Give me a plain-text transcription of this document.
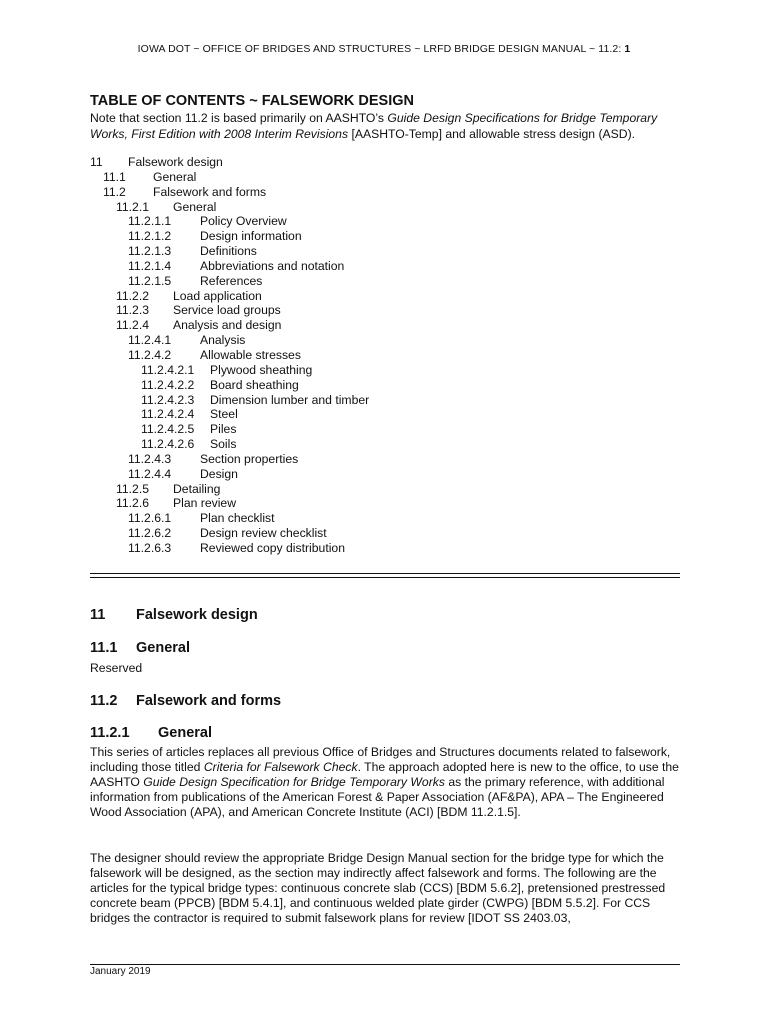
IOWA DOT ~ OFFICE OF BRIDGES AND STRUCTURES ~ LRFD BRIDGE DESIGN MANUAL ~ 11.2: 1
TABLE OF CONTENTS ~ FALSEWORK DESIGN

Note that section 11.2 is based primarily on AASHTO’s Guide Design Specifications for Bridge Temporary Works, First Edition with 2008 Interim Revisions [AASHTO-Temp] and allowable stress design (ASD).

11 Falsework design
11.1 General
11.2 Falsework and forms
11.2.1 General
11.2.1.1 Policy Overview
11.2.1.2 Design information
11.2.1.3 Definitions
11.2.1.4 Abbreviations and notation
11.2.1.5 References
11.2.2 Load application
11.2.3 Service load groups
11.2.4 Analysis and design
11.2.4.1 Analysis
11.2.4.2 Allowable stresses
11.2.4.2.1 Plywood sheathing
11.2.4.2.2 Board sheathing
11.2.4.2.3 Dimension lumber and timber
11.2.4.2.4 Steel
11.2.4.2.5 Piles
11.2.4.2.6 Soils
11.2.4.3 Section properties
11.2.4.4 Design
11.2.5 Detailing
11.2.6 Plan review
11.2.6.1 Plan checklist
11.2.6.2 Design review checklist
11.2.6.3 Reviewed copy distribution
11 Falsework design
11.1 General

Reserved

11.2 Falsework and forms
11.2.1 General

This series of articles replaces all previous Office of Bridges and Structures documents related to falsework, including those titled Criteria for Falsework Check. The approach adopted here is new to the office, to use the AASHTO Guide Design Specification for Bridge Temporary Works as the primary reference, with additional information from publications of the American Forest & Paper Association (AF&PA), APA – The Engineered Wood Association (APA), and American Concrete Institute (ACI) [BDM 11.2.1.5].

The designer should review the appropriate Bridge Design Manual section for the bridge type for which the falsework will be designed, as the section may indirectly affect falsework and forms. The following are the articles for the typical bridge types: continuous concrete slab (CCS) [BDM 5.6.2], pretensioned prestressed concrete beam (PPCB) [BDM 5.4.1], and continuous welded plate girder (CWPG) [BDM 5.5.2]. For CCS bridges the contractor is required to submit falsework plans for review [IDOT SS 2403.03,

January 2019
